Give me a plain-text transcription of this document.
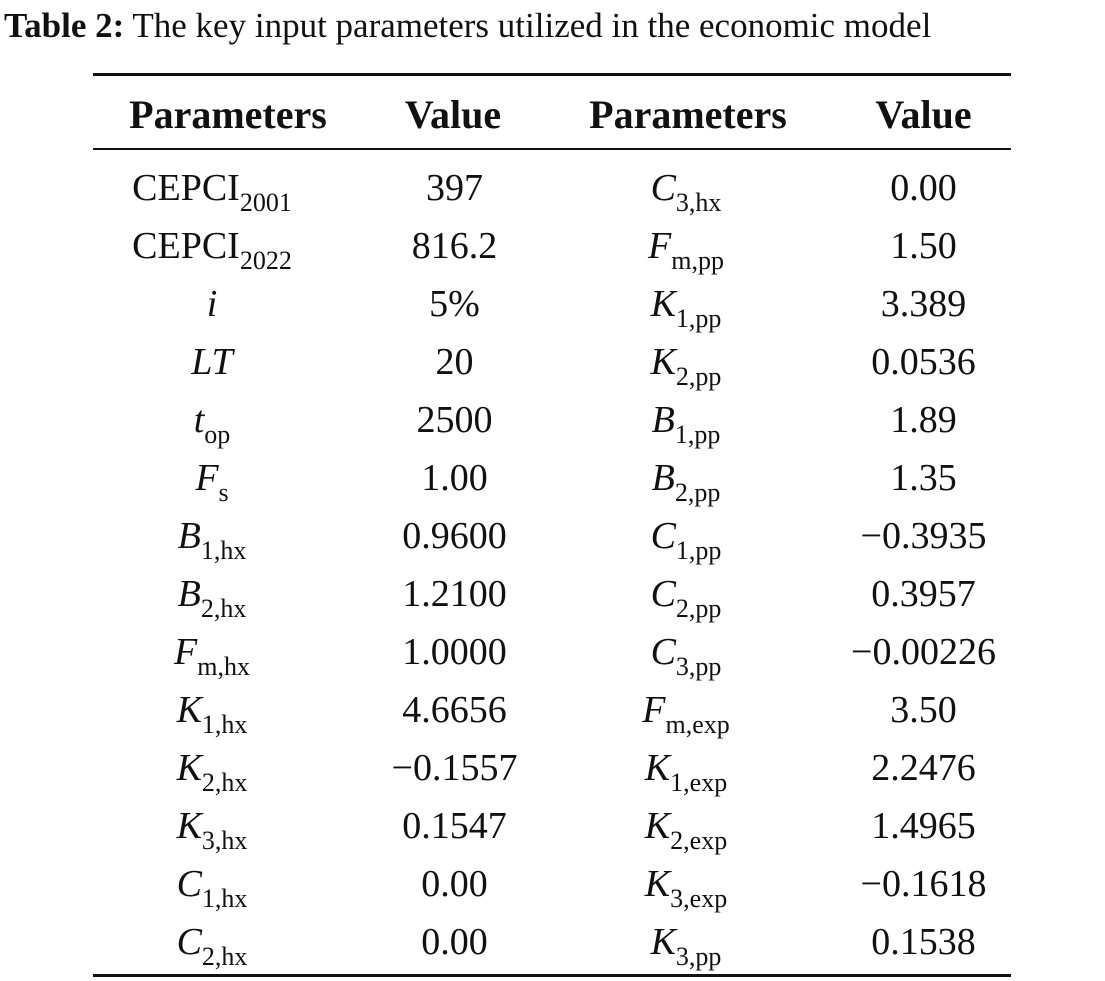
Table 2: The key input parameters utilized in the economic model
Parameters	Value	Parameters	Value
$CEPCI_{2001}$	397	$C_{3,hx}$	0.00
$CEPCI_{2022}$	816.2	$F_{m,pp}$	1.50
i	5%	$K_{1,pp}$	3.389
LT	20	$K_{2,pp}$	0.0536
$t_{op}$	2500	$B_{1,pp}$	1.89
$F_s$	1.00	$B_{2,pp}$	1.35
$B_{1,hx}$	0.9600	$C_{1,pp}$	−0.3935
$B_{2,hx}$	1.2100	$C_{2,pp}$	0.3957
$F_{m,hx}$	1.0000	$C_{3,pp}$	−0.00226
$K_{1,hx}$	4.6656	$F_{m,exp}$	3.50
$K_{2,hx}$	−0.1557	$K_{1,exp}$	2.2476
$K_{3,hx}$	0.1547	$K_{2,exp}$	1.4965
$C_{1,hx}$	0.00	$K_{3,exp}$	−0.1618
$C_{2,hx}$	0.00	$K_{3,pp}$	0.1538
